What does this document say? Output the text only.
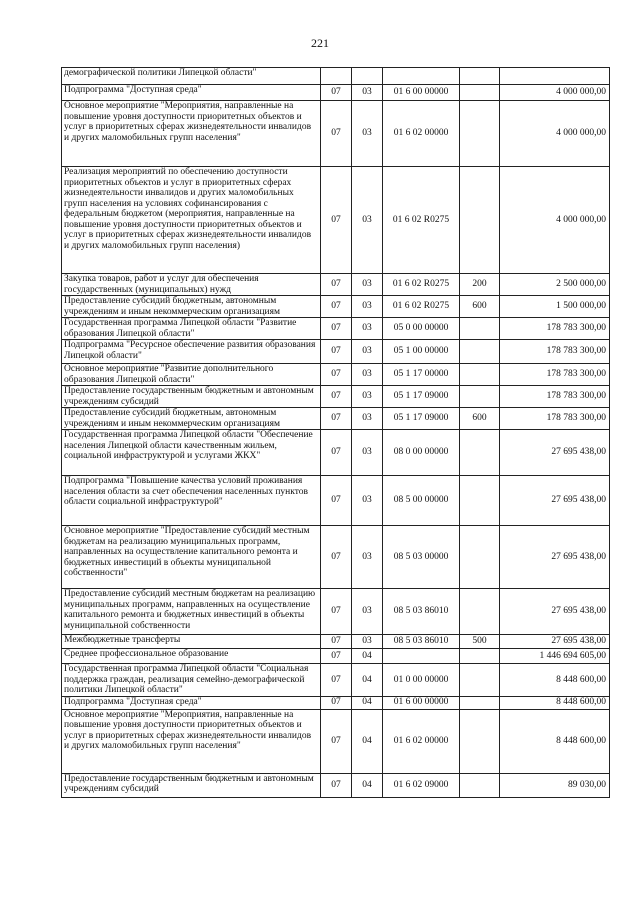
221
демографической политики Липецкой области"					
Подпрограмма "Доступная среда"	07	03	01 6 00 00000		4 000 000,00
Основное мероприятие "Мероприятия, направленные на повышение уровня доступности приоритетных объектов и услуг в приоритетных сферах жизнедеятельности инвалидов и других маломобильных групп населения"	07	03	01 6 02 00000		4 000 000,00
Реализация мероприятий по обеспечению доступности приоритетных объектов и услуг в приоритетных сферах жизнедеятельности инвалидов и других маломобильных групп населения на условиях софинансирования с федеральным бюджетом (мероприятия, направленные на повышение уровня доступности приоритетных объектов и услуг в приоритетных сферах жизнедеятельности инвалидов и других маломобильных групп населения)	07	03	01 6 02 R0275		4 000 000,00
Закупка товаров, работ и услуг для обеспечения государственных (муниципальных) нужд	07	03	01 6 02 R0275	200	2 500 000,00
Предоставление субсидий бюджетным, автономным учреждениям и иным некоммерческим организациям	07	03	01 6 02 R0275	600	1 500 000,00
Государственная программа Липецкой области "Развитие образования Липецкой области"	07	03	05 0 00 00000		178 783 300,00
Подпрограмма "Ресурсное обеспечение развития образования Липецкой области"	07	03	05 1 00 00000		178 783 300,00
Основное мероприятие "Развитие дополнительного образования Липецкой области"	07	03	05 1 17 00000		178 783 300,00
Предоставление государственным бюджетным и автономным учреждениям субсидий	07	03	05 1 17 09000		178 783 300,00
Предоставление субсидий бюджетным, автономным учреждениям и иным некоммерческим организациям	07	03	05 1 17 09000	600	178 783 300,00
Государственная программа Липецкой области "Обеспечение населения Липецкой области качественным жильем, социальной инфраструктурой и услугами ЖКХ"	07	03	08 0 00 00000		27 695 438,00
Подпрограмма "Повышение качества условий проживания населения области за счет обеспечения населенных пунктов области социальной инфраструктурой"	07	03	08 5 00 00000		27 695 438,00
Основное мероприятие "Предоставление субсидий местным бюджетам на реализацию муниципальных программ, направленных на осуществление капитального ремонта и бюджетных инвестиций в объекты муниципальной собственности"	07	03	08 5 03 00000		27 695 438,00
Предоставление субсидий местным бюджетам на реализацию муниципальных программ, направленных на осуществление капитального ремонта и бюджетных инвестиций в объекты муниципальной собственности	07	03	08 5 03 86010		27 695 438,00
Межбюджетные трансферты	07	03	08 5 03 86010	500	27 695 438,00
Среднее профессиональное образование	07	04			1 446 694 605,00
Государственная программа Липецкой области "Социальная поддержка граждан, реализация семейно-демографической политики Липецкой области"	07	04	01 0 00 00000		8 448 600,00
Подпрограмма "Доступная среда"	07	04	01 6 00 00000		8 448 600,00
Основное мероприятие "Мероприятия, направленные на повышение уровня доступности приоритетных объектов и услуг в приоритетных сферах жизнедеятельности инвалидов и других маломобильных групп населения"	07	04	01 6 02 00000		8 448 600,00
Предоставление государственным бюджетным и автономным учреждениям субсидий	07	04	01 6 02 09000		89 030,00
